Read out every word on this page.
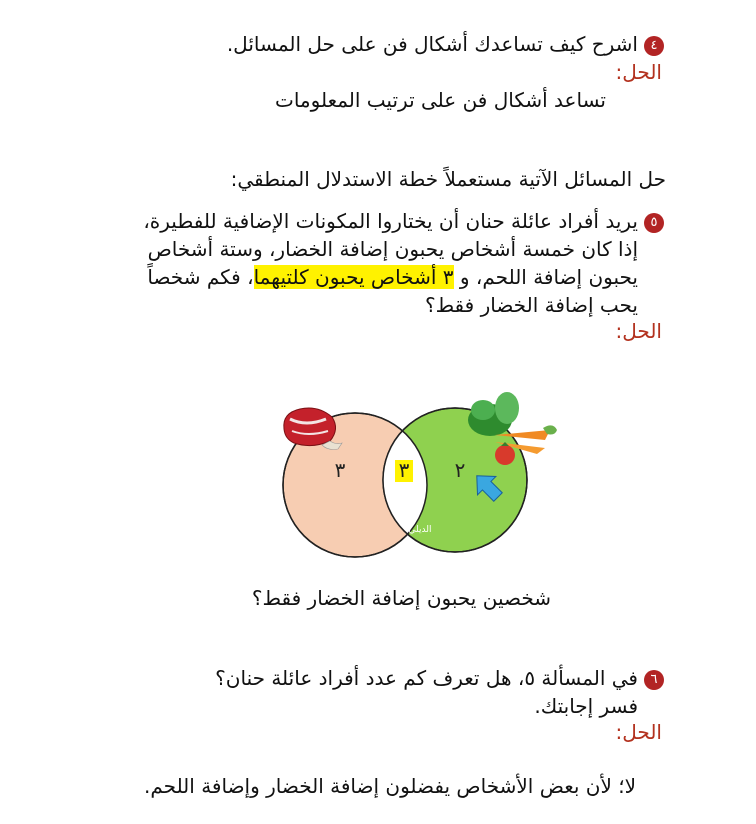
٤اشرح كيف تساعدك أشكال فن على حل المسائل.
الحل:
تساعد أشكال فن على ترتيب المعلومات
حل المسائل الآتية مستعملاً خطة الاستدلال المنطقي:
٥يريد أفراد عائلة حنان أن يختاروا المكونات الإضافية للفطيرة،
إذا كان خمسة أشخاص يحبون إضافة الخضار، وستة أشخاص
يحبون إضافة اللحم، و ٣ أشخاص يحبون كلتيهما، فكم شخصاً
يحب إضافة الخضار فقط؟
الحل:
٣	٣ ٢
الديلي
شخصين يحبون إضافة الخضار فقط؟
٦في المسألة ٥، هل تعرف كم عدد أفراد عائلة حنان؟
فسر إجابتك.
الحل:
لا؛ لأن بعض الأشخاص يفضلون إضافة الخضار وإضافة اللحم.
